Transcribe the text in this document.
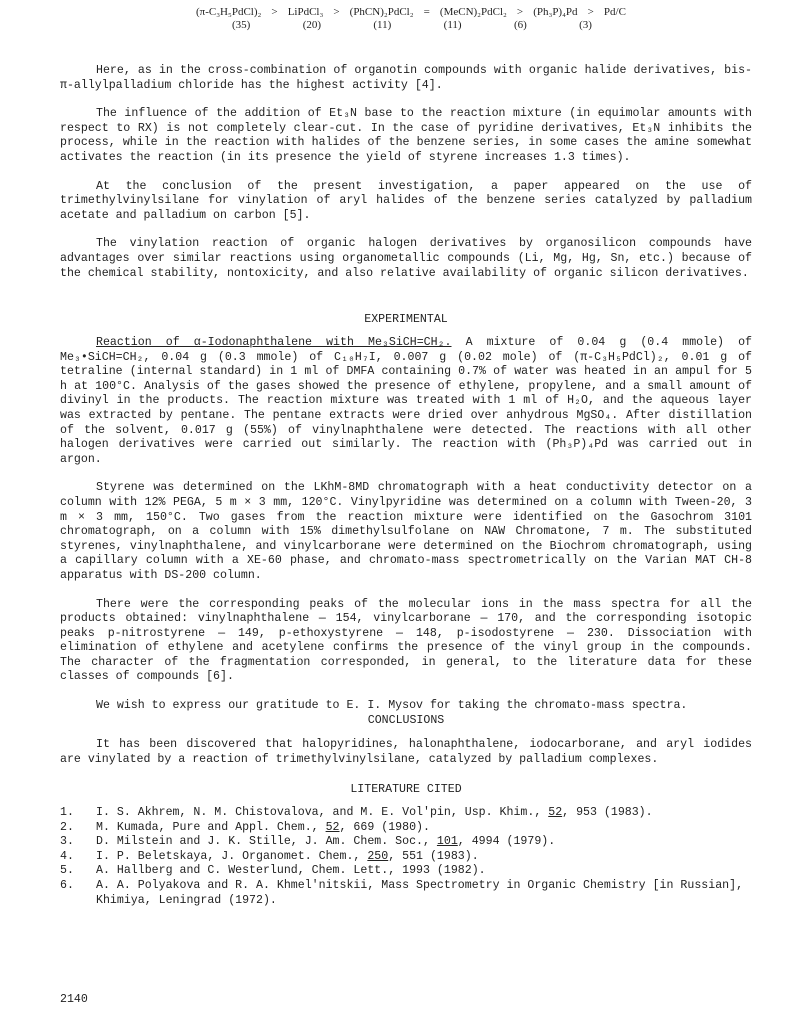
(π-C₃H₅PdCl)₂ > LiPdCl₃ > (PhCN)₂PdCl₂ = (MeCN)₂PdCl₂ > (Ph₃P)₄Pd > Pd/C
(35)	(20)	(11)	(11)	(6)	(3)

Here, as in the cross-combination of organotin compounds with organic halide derivatives, bis-π-allylpalladium chloride has the highest activity [4].

The influence of the addition of Et₃N base to the reaction mixture (in equimolar amounts with respect to RX) is not completely clear-cut. In the case of pyridine derivatives, Et₃N inhibits the process, while in the reaction with halides of the benzene series, in some cases the amine somewhat activates the reaction (in its presence the yield of styrene increases 1.3 times).

At the conclusion of the present investigation, a paper appeared on the use of trimethylvinylsilane for vinylation of aryl halides of the benzene series catalyzed by palladium acetate and palladium on carbon [5].

The vinylation reaction of organic halogen derivatives by organosilicon compounds have advantages over similar reactions using organometallic compounds (Li, Mg, Hg, Sn, etc.) because of the chemical stability, nontoxicity, and also relative availability of organic silicon derivatives.

EXPERIMENTAL

Reaction of α-Iodonaphthalene with Me₃SiCH=CH₂. A mixture of 0.04 g (0.4 mmole) of Me₃•SiCH=CH₂, 0.04 g (0.3 mmole) of C₁₀H₇I, 0.007 g (0.02 mole) of (π-C₃H₅PdCl)₂, 0.01 g of tetraline (internal standard) in 1 ml of DMFA containing 0.7% of water was heated in an ampul for 5 h at 100°C. Analysis of the gases showed the presence of ethylene, propylene, and a small amount of divinyl in the products. The reaction mixture was treated with 1 ml of H₂O, and the aqueous layer was extracted by pentane. The pentane extracts were dried over anhydrous MgSO₄. After distillation of the solvent, 0.017 g (55%) of vinylnaphthalene were detected. The reactions with all other halogen derivatives were carried out similarly. The reaction with (Ph₃P)₄Pd was carried out in argon.

Styrene was determined on the LKhM-8MD chromatograph with a heat conductivity detector on a column with 12% PEGA, 5 m × 3 mm, 120°C. Vinylpyridine was determined on a column with Tween-20, 3 m × 3 mm, 150°C. Two gases from the reaction mixture were identified on the Gasochrom 3101 chromatograph, on a column with 15% dimethylsulfolane on NAW Chromatone, 7 m. The substituted styrenes, vinylnaphthalene, and vinylcarborane were determined on the Biochrom chromatograph, using a capillary column with a XE-60 phase, and chromato-mass spectrometrically on the Varian MAT CH-8 apparatus with DS-200 column.

There were the corresponding peaks of the molecular ions in the mass spectra for all the products obtained: vinylnaphthalene — 154, vinylcarborane — 170, and the corresponding isotopic peaks p-nitrostyrene — 149, p-ethoxystyrene — 148, p-isodostyrene — 230. Dissociation with elimination of ethylene and acetylene confirms the presence of the vinyl group in the compounds. The character of the fragmentation corresponded, in general, to the literature data for these classes of compounds [6].

We wish to express our gratitude to E. I. Mysov for taking the chromato-mass spectra.

CONCLUSIONS

It has been discovered that halopyridines, halonaphthalene, iodocarborane, and aryl iodides are vinylated by a reaction of trimethylvinylsilane, catalyzed by palladium complexes.

LITERATURE CITED
1.	I. S. Akhrem, N. M. Chistovalova, and M. E. Vol'pin, Usp. Khim., 52, 953 (1983).
2.	M. Kumada, Pure and Appl. Chem., 52, 669 (1980).
3.	D. Milstein and J. K. Stille, J. Am. Chem. Soc., 101, 4994 (1979).
4.	I. P. Beletskaya, J. Organomet. Chem., 250, 551 (1983).
5.	A. Hallberg and C. Westerlund, Chem. Lett., 1993 (1982).
6.	A. A. Polyakova and R. A. Khmel'nitskii, Mass Spectrometry in Organic Chemistry [in Russian], Khimiya, Leningrad (1972).
2140
